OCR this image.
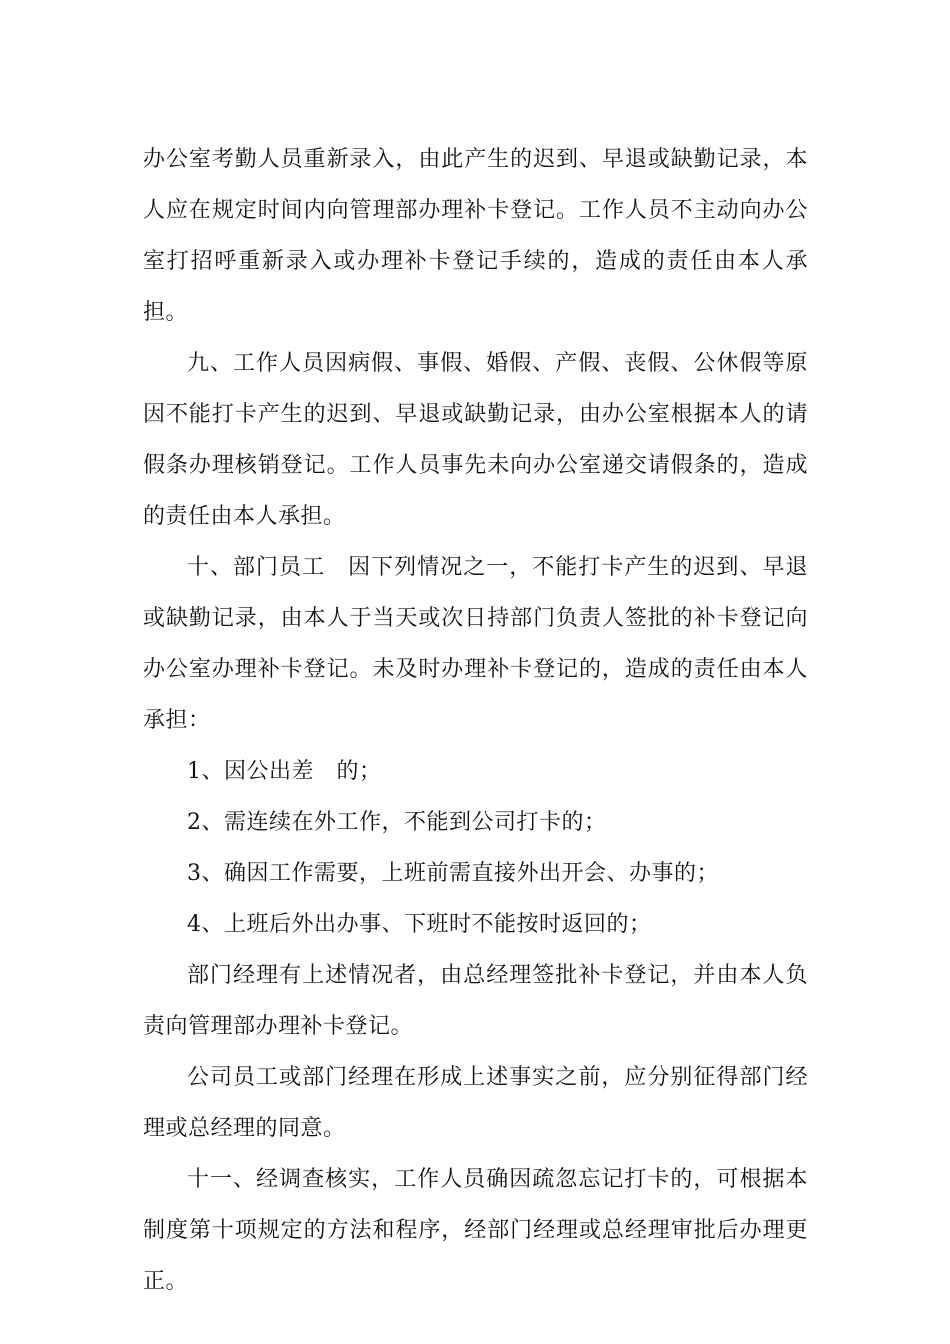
办公室考勤人员重新录入，由此产生的迟到、早退或缺勤记录，本人应在规定时间内向管理部办理补卡登记。工作人员不主动向办公室打招呼重新录入或办理补卡登记手续的，造成的责任由本人承担。

九、工作人员因病假、事假、婚假、产假、丧假、公休假等原因不能打卡产生的迟到、早退或缺勤记录，由办公室根据本人的请假条办理核销登记。工作人员事先未向办公室递交请假条的，造成的责任由本人承担。

十、部门员工　因下列情况之一，不能打卡产生的迟到、早退或缺勤记录，由本人于当天或次日持部门负责人签批的补卡登记向办公室办理补卡登记。未及时办理补卡登记的，造成的责任由本人承担：

1、因公出差　的；

2、需连续在外工作，不能到公司打卡的；

3、确因工作需要，上班前需直接外出开会、办事的；

4、上班后外出办事、下班时不能按时返回的；

部门经理有上述情况者，由总经理签批补卡登记，并由本人负责向管理部办理补卡登记。

公司员工或部门经理在形成上述事实之前，应分别征得部门经理或总经理的同意。

十一、经调查核实，工作人员确因疏忽忘记打卡的，可根据本制度第十项规定的方法和程序，经部门经理或总经理审批后办理更正。
